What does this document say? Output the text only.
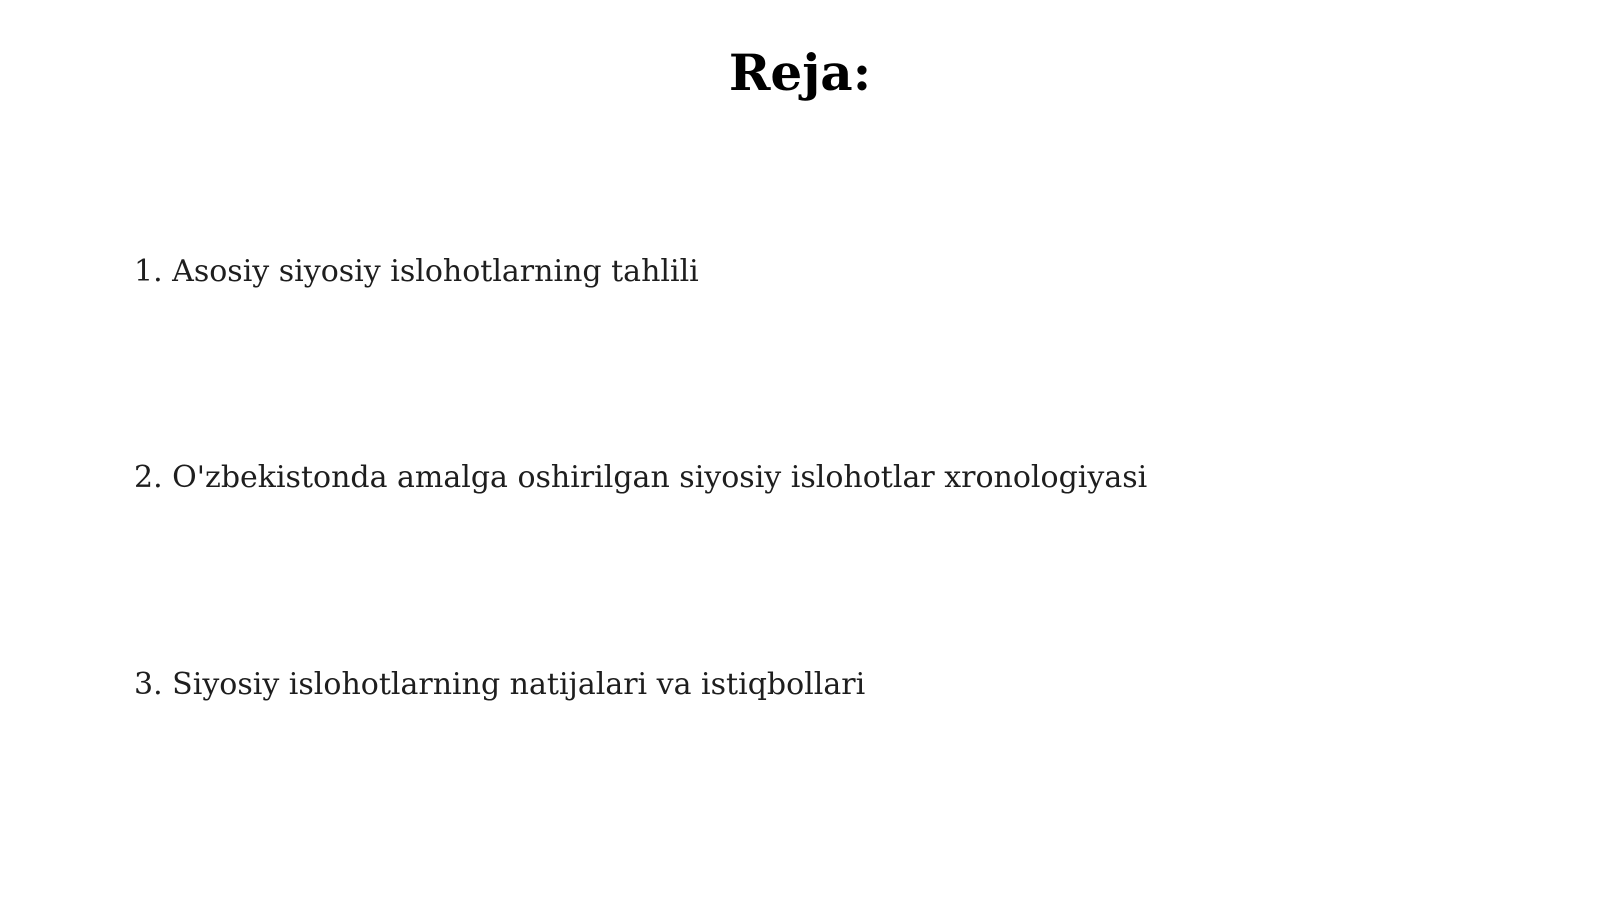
Reja:
1. Asosiy siyosiy islohotlarning tahlili
2. O'zbekistonda amalga oshirilgan siyosiy islohotlar xronologiyasi
3. Siyosiy islohotlarning natijalari va istiqbollari
